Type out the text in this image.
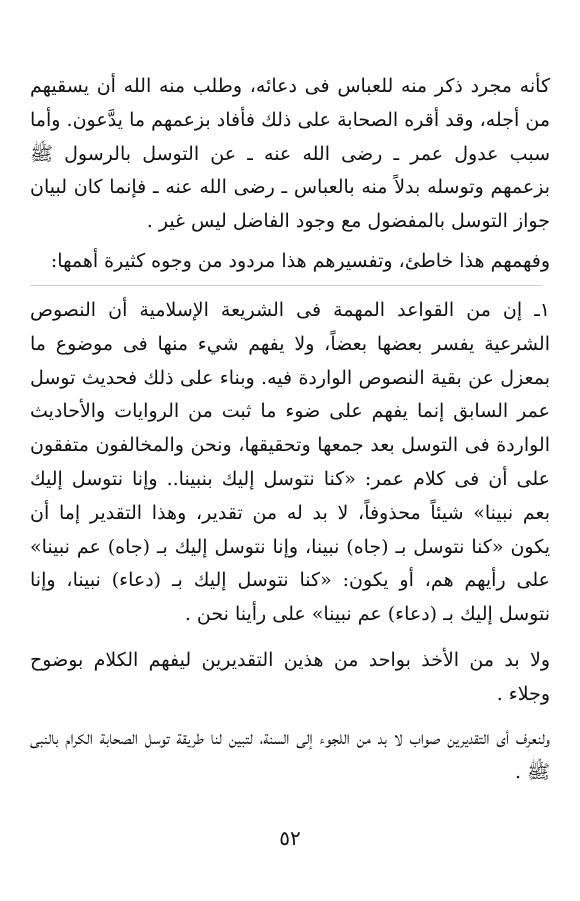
كأنه مجرد ذكر منه للعباس فى دعائه، وطلب منه الله أن يسقيهم من أجله، وقد أقره الصحابة على ذلك فأفاد بزعمهم ما يدَّعون. وأما سبب عدول عمر ـ رضى الله عنه ـ عن التوسل بالرسول ﷺ بزعمهم وتوسله بدلاً منه بالعباس ـ رضى الله عنه ـ فإنما كان لبيان جواز التوسل بالمفضول مع وجود الفاضل ليس غير .

وفهمهم هذا خاطئ، وتفسيرهم هذا مردود من وجوه كثيرة أهمها:

١ـ إن من القواعد المهمة فى الشريعة الإسلامية أن النصوص الشرعية يفسر بعضها بعضاً، ولا يفهم شيء منها فى موضوع ما بمعزل عن بقية النصوص الواردة فيه. وبناء على ذلك فحديث توسل عمر السابق إنما يفهم على ضوء ما ثبت من الروايات والأحاديث الواردة فى التوسل بعد جمعها وتحقيقها، ونحن والمخالفون متفقون على أن فى كلام عمر: «كنا نتوسل إليك بنبينا.. وإنا نتوسل إليك بعم نبينا» شيئاً محذوفاً، لا بد له من تقدير، وهذا التقدير إما أن يكون «كنا نتوسل بـ (جاه) نبينا، وإنا نتوسل إليك بـ (جاه) عم نبينا» على رأيهم هم، أو يكون: «كنا نتوسل إليك بـ (دعاء) نبينا، وإنا نتوسل إليك بـ (دعاء) عم نبينا» على رأينا نحن .

ولا بد من الأخذ بواحد من هذين التقديرين ليفهم الكلام بوضوح وجلاء .

ولنعرف أى التقديرين صواب لا بد من اللجوء إلى السنة، لتبين لنا طريقة توسل الصحابة الكرام بالنبى ﷺ .

٥٢
